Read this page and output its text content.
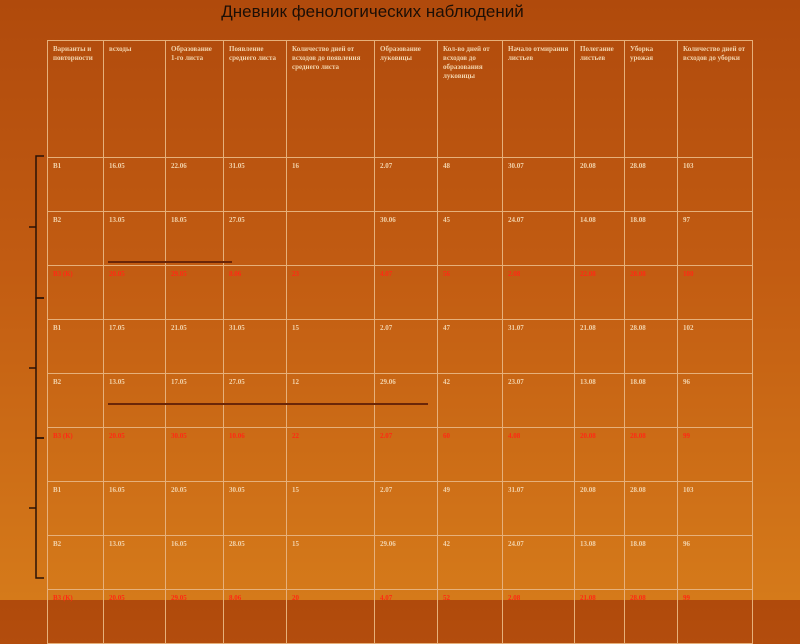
Дневник фенологических наблюдений
Варианты и повторности	всходы	Образование 1-го листа	Появление среднего листа	Количество дней от всходов до появления среднего листа	Образование луковицы	Кол-во дней от всходов до образования луковицы	Начало отмирания листьев	Полегание листьев	Уборка урожая	Количество дней от всходов до уборки
В1	16.05	22.06	31.05	16	2.07	48	30.07	20.08	28.08	103
В2	13.05	18.05	27.05		30.06	45	24.07	14.08	18.08	97
В3 (К)	20.05	29.05	8.06	23	4.07	56	2.08	22.08	28.08	100
В1	17.05	21.05	31.05	15	2.07	47	31.07	21.08	28.08	102
В2	13.05	17.05	27.05	12	29.06	42	23.07	13.08	18.08	96
В3 (К)	20.05	30.05	10.06	22	2.07	60	4.08	20.08	28.08	99
В1	16.05	20.05	30.05	15	2.07	49	31.07	20.08	28.08	103
В2	13.05	16.05	28.05	15	29.06	42	24.07	13.08	18.08	96
В3 (К)	20.05	29.05	8.06	20	4.07	52	2.08	21.08	28.08	99
